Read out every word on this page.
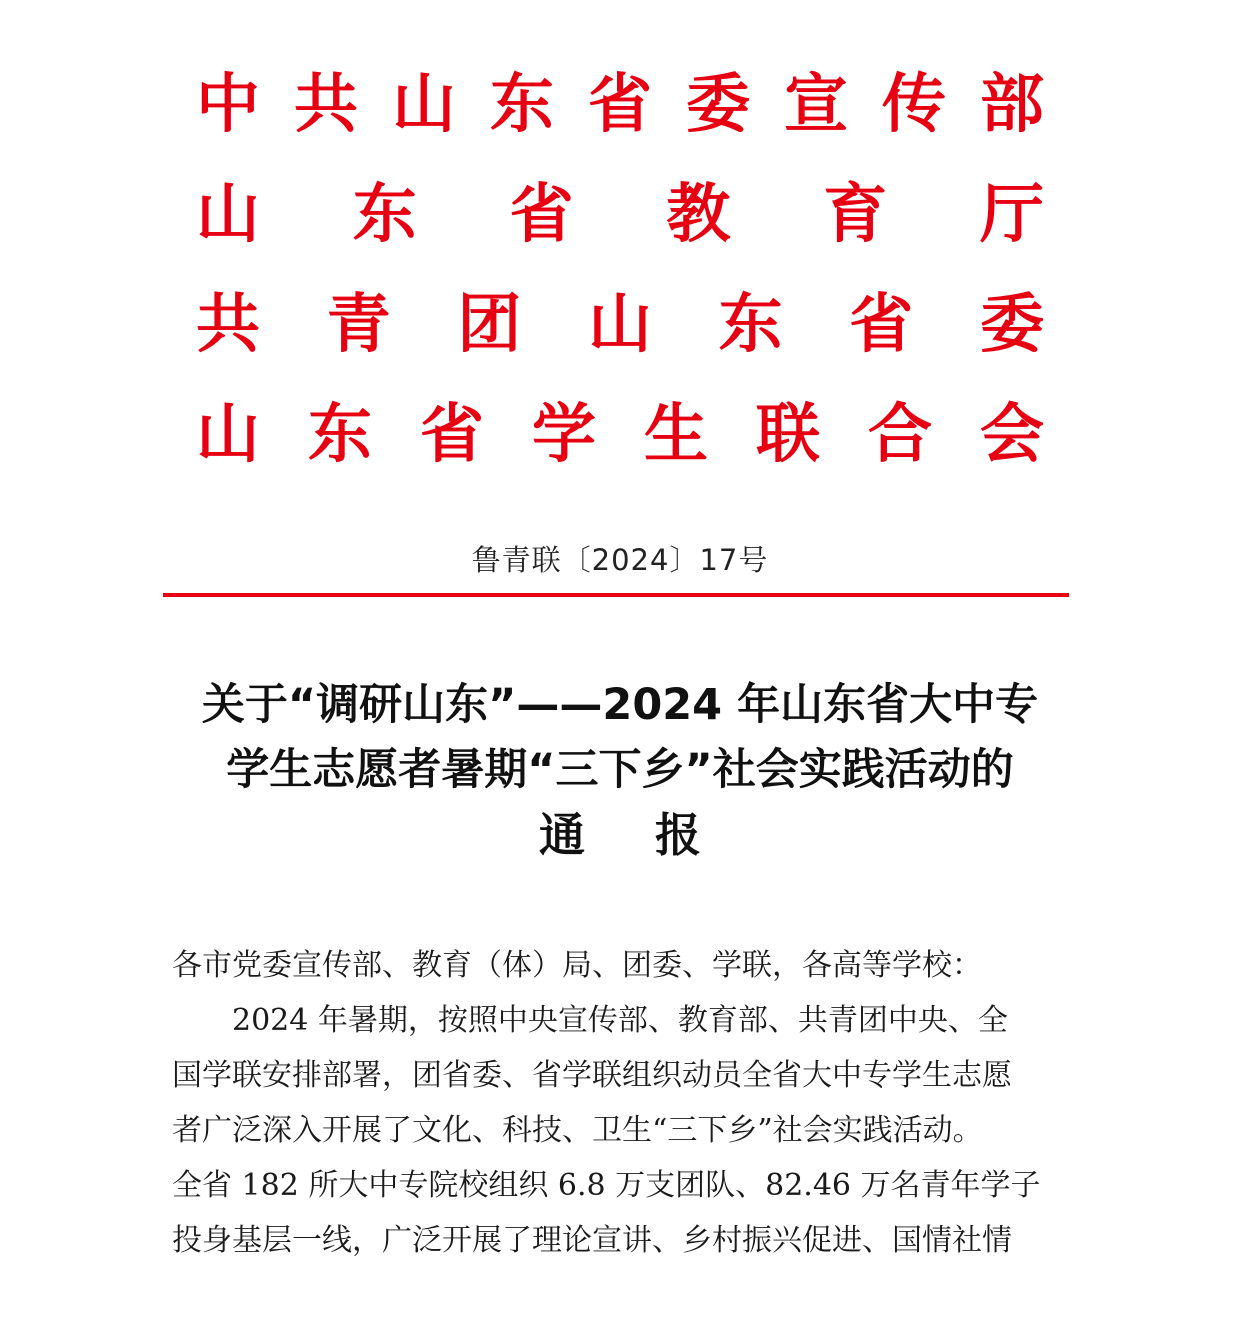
中 共 山 东 省 委 宣 传 部
山 东 省 教 育 厅
共 青 团 山 东 省 委
山 东 省 学 生 联 合 会
鲁青联〔2024〕17号
关于“调研山东”——2024 年山东省大中专
学生志愿者暑期“三下乡”社会实践活动的
通报
各市党委宣传部、教育（体）局、团委、学联，各高等学校：
2024 年暑期，按照中央宣传部、教育部、共青团中央、全
国学联安排部署，团省委、省学联组织动员全省大中专学生志愿
者广泛深入开展了文化、科技、卫生“三下乡”社会实践活动。
全省 182 所大中专院校组织 6.8 万支团队、82.46 万名青年学子
投身基层一线，广泛开展了理论宣讲、乡村振兴促进、国情社情
